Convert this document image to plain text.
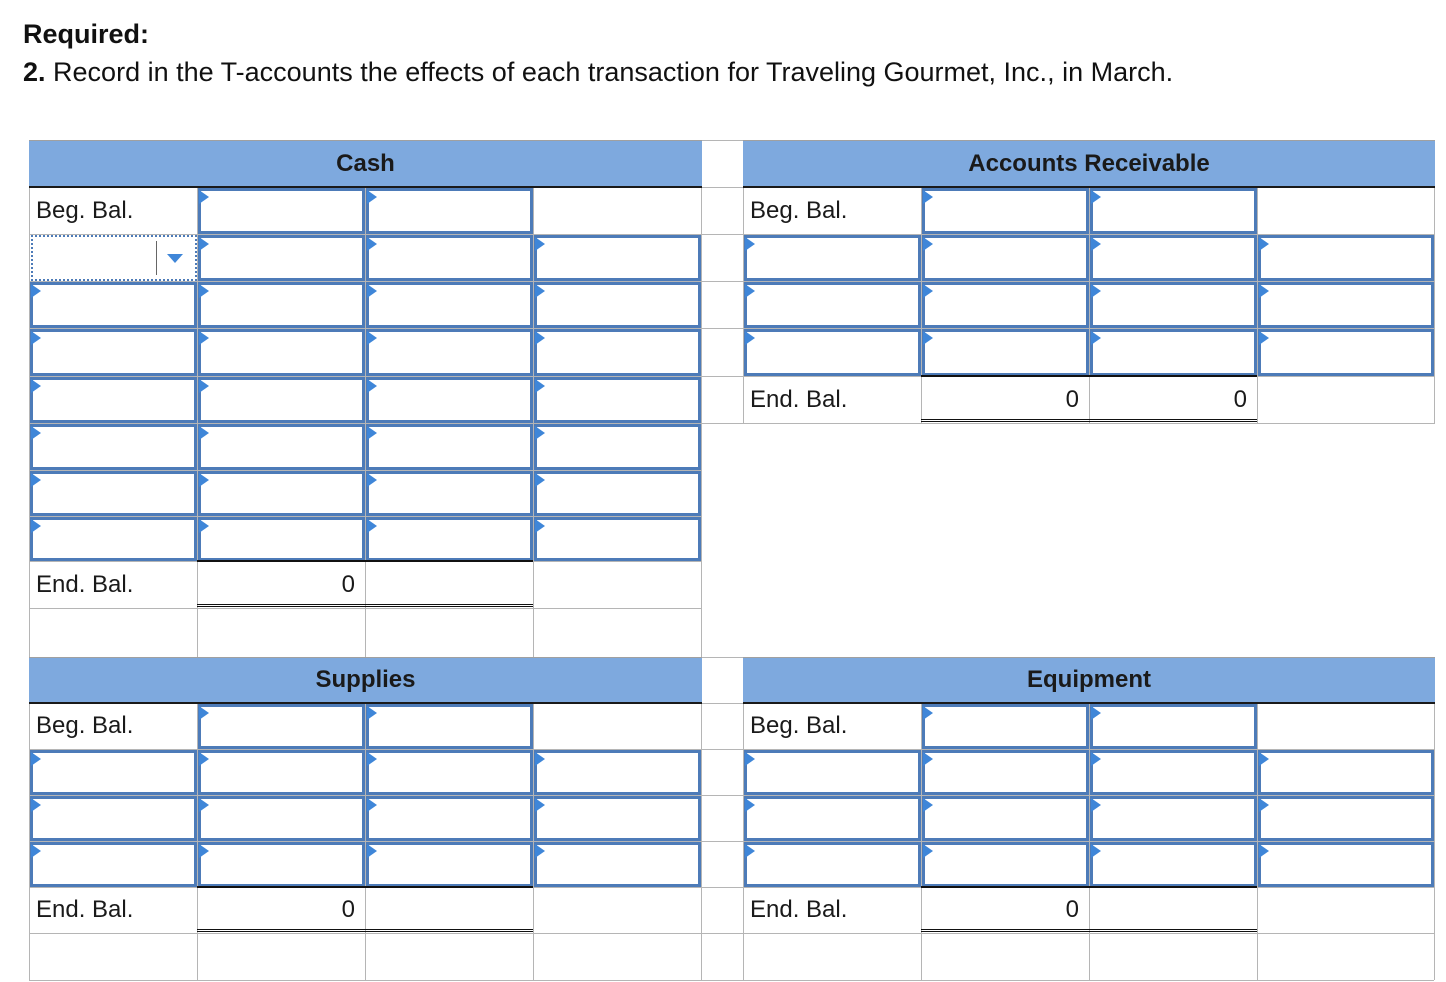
Required:

2. Record in the T-accounts the effects of each transaction for Traveling Gourmet, Inc., in March.

Cash
Beg. Bal.
End. Bal.	0
Accounts Receivable
Beg. Bal.
End. Bal.	0	0
Supplies
Beg. Bal.
End. Bal.	0
Equipment
Beg. Bal.
End. Bal.	0
